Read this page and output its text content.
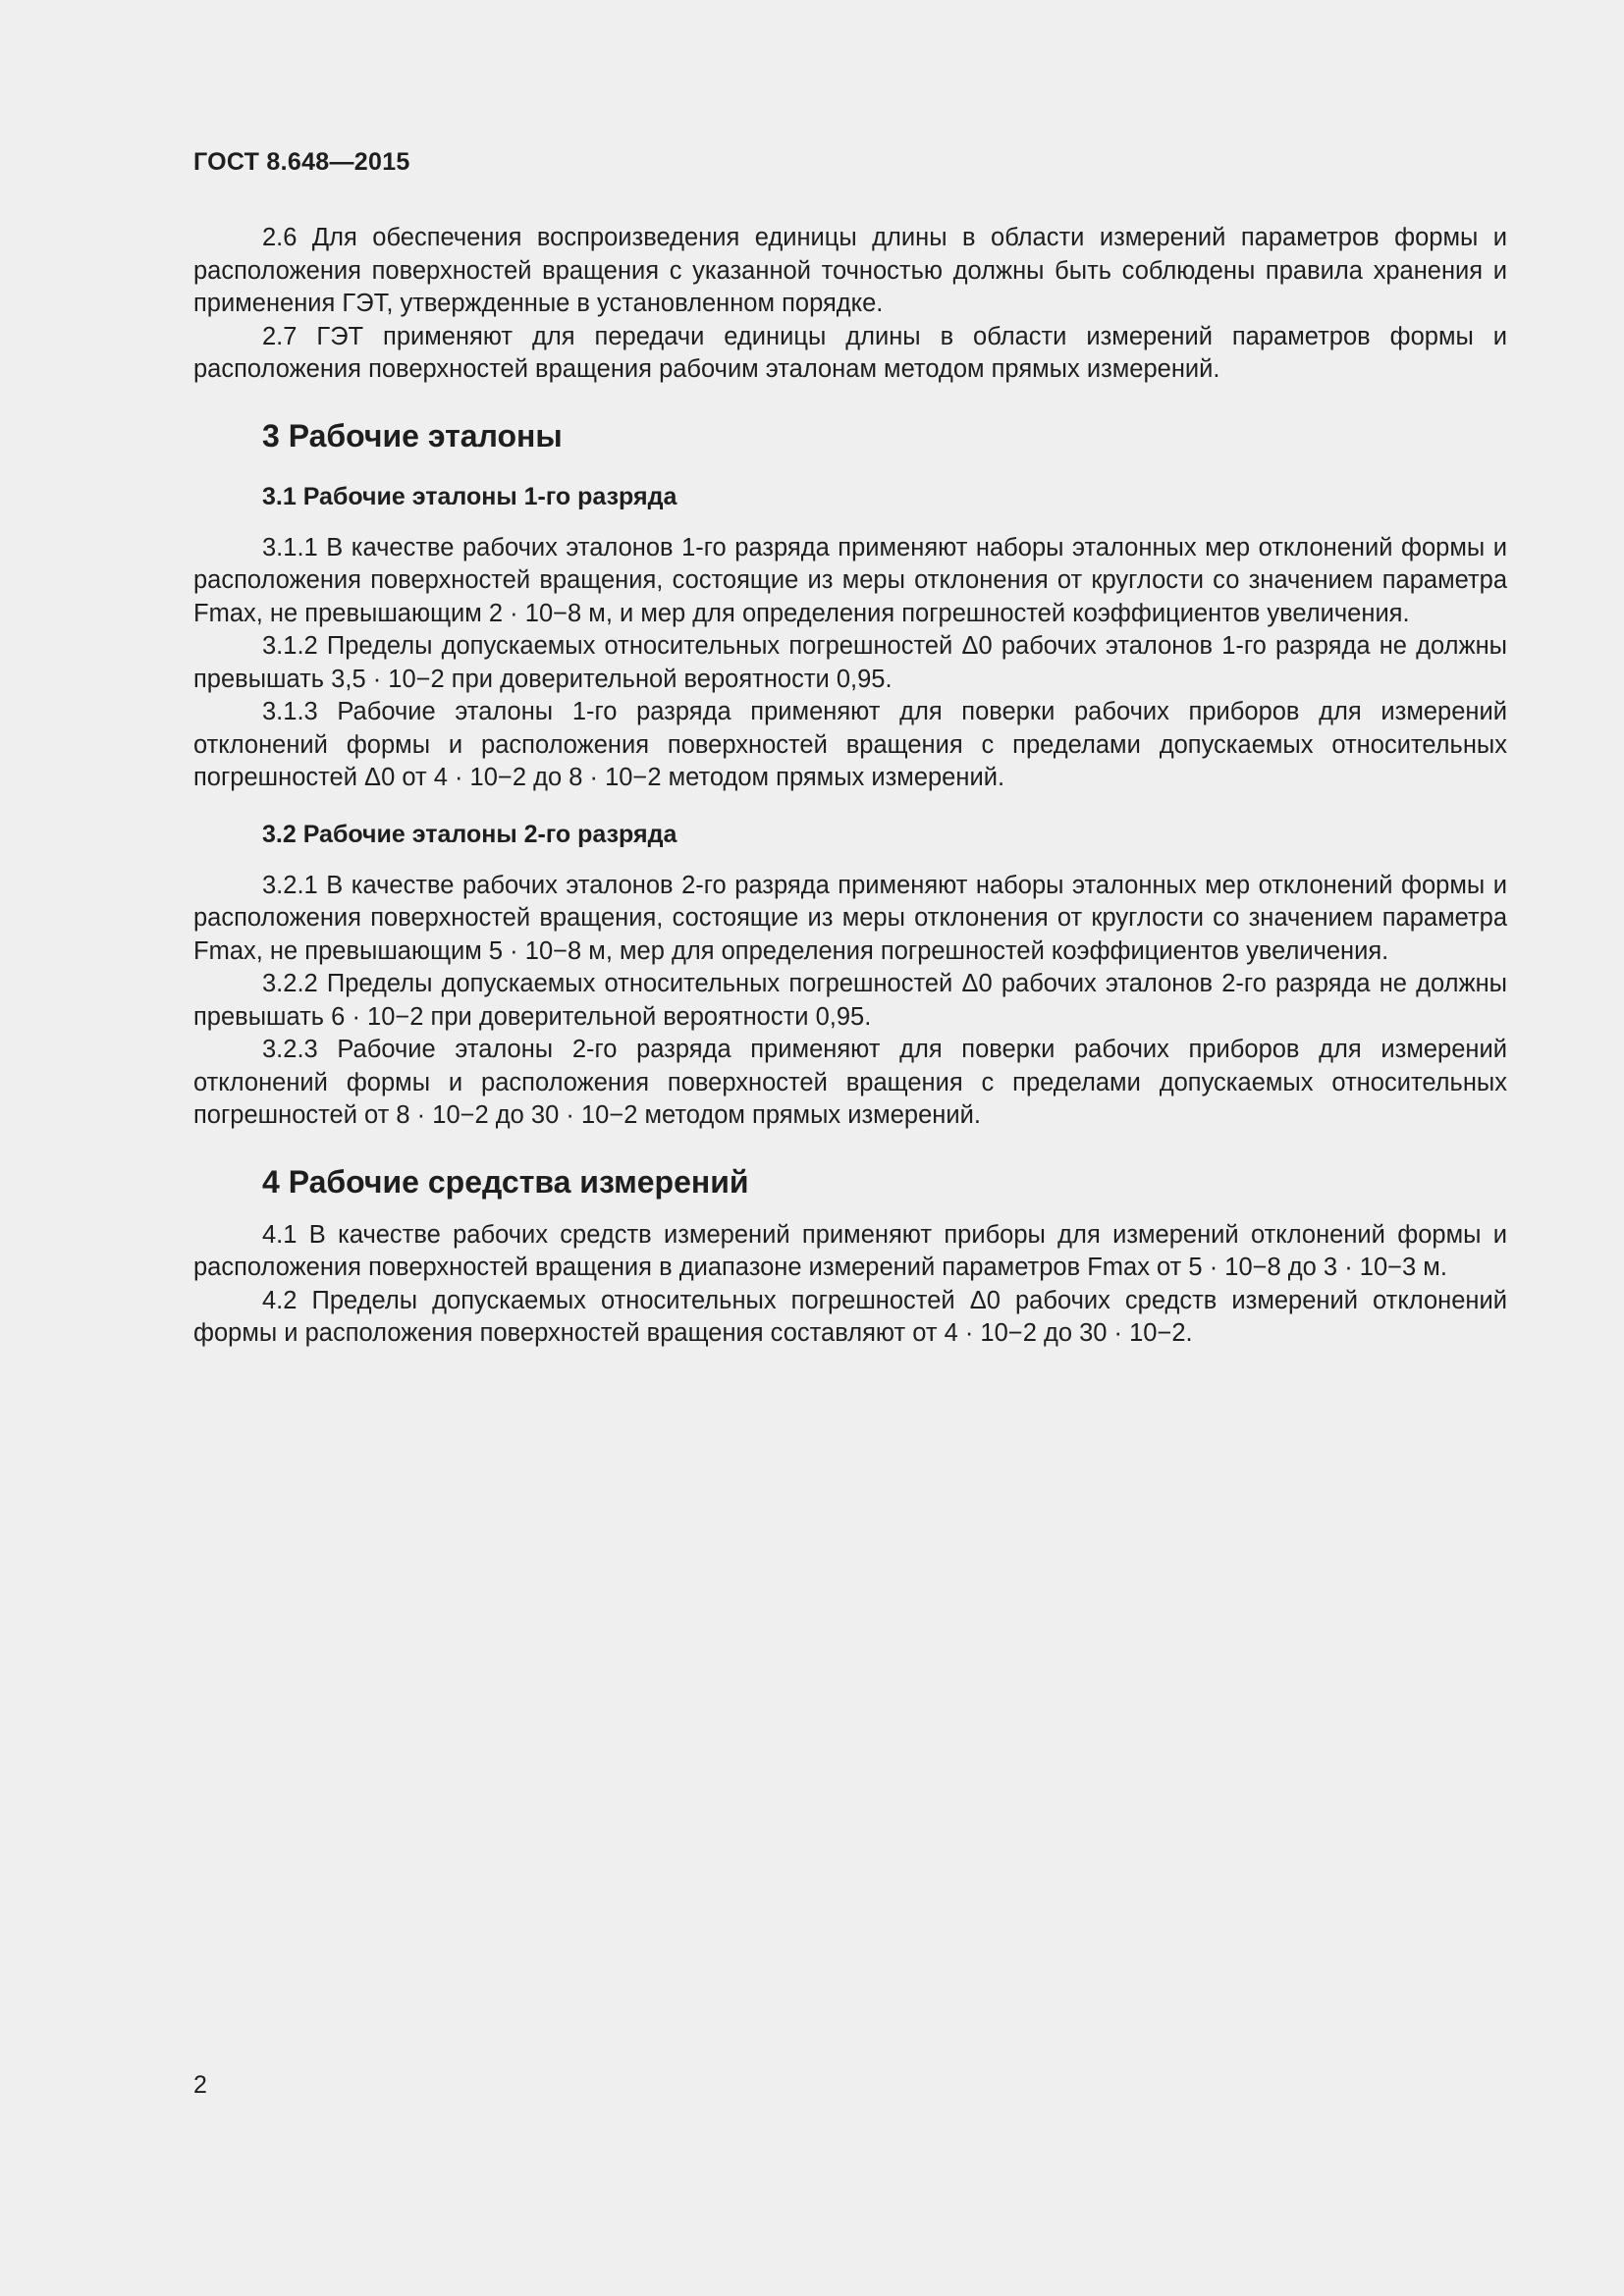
ГОСТ 8.648—2015

2.6 Для обеспечения воспроизведения единицы длины в области измерений параметров формы и расположения поверхностей вращения с указанной точностью должны быть соблюдены правила хранения и применения ГЭТ, утвержденные в установленном порядке.

2.7 ГЭТ применяют для передачи единицы длины в области измерений параметров формы и расположения поверхностей вращения рабочим эталонам методом прямых измерений.

3 Рабочие эталоны
3.1 Рабочие эталоны 1-го разряда

3.1.1 В качестве рабочих эталонов 1-го разряда применяют наборы эталонных мер отклонений формы и расположения поверхностей вращения, состоящие из меры отклонения от круглости со значением параметра Fmax, не превышающим 2 · 10−8 м, и мер для определения погрешностей коэффициентов увеличения.

3.1.2 Пределы допускаемых относительных погрешностей Δ0 рабочих эталонов 1-го разряда не должны превышать 3,5 · 10−2 при доверительной вероятности 0,95.

3.1.3 Рабочие эталоны 1-го разряда применяют для поверки рабочих приборов для измерений отклонений формы и расположения поверхностей вращения с пределами допускаемых относительных погрешностей Δ0 от 4 · 10−2 до 8 · 10−2 методом прямых измерений.

3.2 Рабочие эталоны 2-го разряда

3.2.1 В качестве рабочих эталонов 2-го разряда применяют наборы эталонных мер отклонений формы и расположения поверхностей вращения, состоящие из меры отклонения от круглости со значением параметра Fmax, не превышающим 5 · 10−8 м, мер для определения погрешностей коэффициентов увеличения.

3.2.2 Пределы допускаемых относительных погрешностей Δ0 рабочих эталонов 2-го разряда не должны превышать 6 · 10−2 при доверительной вероятности 0,95.

3.2.3 Рабочие эталоны 2-го разряда применяют для поверки рабочих приборов для измерений отклонений формы и расположения поверхностей вращения с пределами допускаемых относительных погрешностей от 8 · 10−2 до 30 · 10−2 методом прямых измерений.

4 Рабочие средства измерений

4.1 В качестве рабочих средств измерений применяют приборы для измерений отклонений формы и расположения поверхностей вращения в диапазоне измерений параметров Fmax от 5 · 10−8 до 3 · 10−3 м.

4.2 Пределы допускаемых относительных погрешностей Δ0 рабочих средств измерений отклонений формы и расположения поверхностей вращения составляют от 4 · 10−2 до 30 · 10−2.

2
